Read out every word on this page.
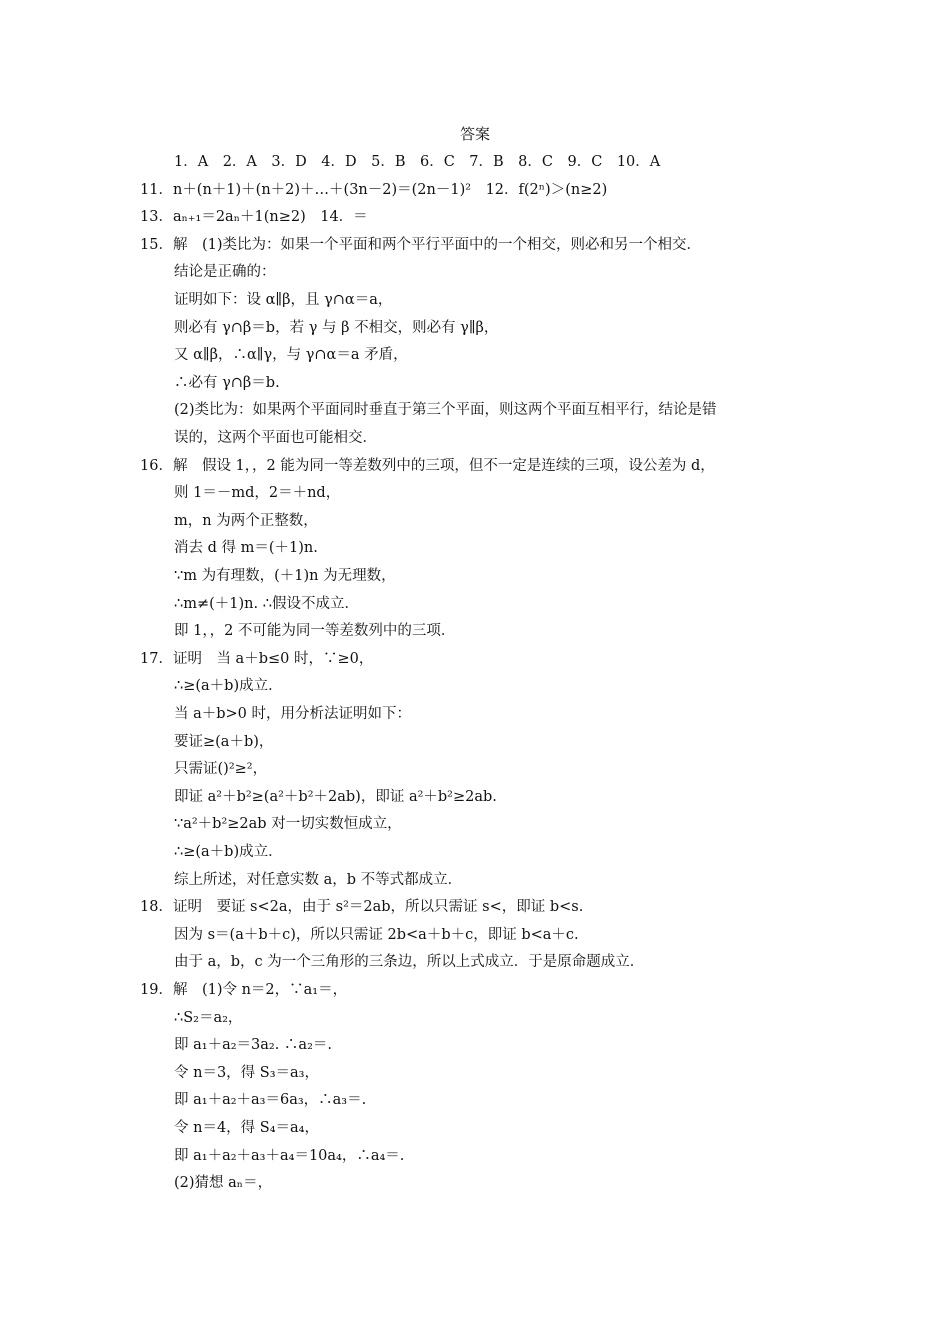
答案
1．A　2．A　3．D　4．D　5．B　6．C　7．B　8．C　9．C　10．A
11．n＋(n＋1)＋(n＋2)＋…＋(3n－2)＝(2n－1)²　12．f(2ⁿ)＞(n≥2)
13．aₙ₊₁＝2aₙ＋1(n≥2)　14．＝
15．解　(1)类比为：如果一个平面和两个平行平面中的一个相交，则必和另一个相交．
结论是正确的：
证明如下：设 α∥β，且 γ∩α＝a，
则必有 γ∩β＝b，若 γ 与 β 不相交，则必有 γ∥β，
又 α∥β，∴α∥γ，与 γ∩α＝a 矛盾，
∴必有 γ∩β＝b.
(2)类比为：如果两个平面同时垂直于第三个平面，则这两个平面互相平行，结论是错
误的，这两个平面也可能相交．
16．解　假设 1，，2 能为同一等差数列中的三项，但不一定是连续的三项，设公差为 d，
则 1＝－md，2＝＋nd，
m，n 为两个正整数，
消去 d 得 m＝(＋1)n.
∵m 为有理数，(＋1)n 为无理数，
∴m≠(＋1)n. ∴假设不成立．
即 1，，2 不可能为同一等差数列中的三项．
17．证明　当 a＋b≤0 时，∵≥0，
∴≥(a＋b)成立．
当 a＋b>0 时，用分析法证明如下：
要证≥(a＋b)，
只需证()²≥²，
即证 a²＋b²≥(a²＋b²＋2ab)，即证 a²＋b²≥2ab.
∵a²＋b²≥2ab 对一切实数恒成立，
∴≥(a＋b)成立．
综上所述，对任意实数 a，b 不等式都成立．
18．证明　要证 s<2a，由于 s²＝2ab，所以只需证 s<，即证 b<s.
因为 s＝(a＋b＋c)，所以只需证 2b<a＋b＋c，即证 b<a＋c.
由于 a，b，c 为一个三角形的三条边，所以上式成立．于是原命题成立．
19．解　(1)令 n＝2，∵a₁＝，
∴S₂＝a₂，
即 a₁＋a₂＝3a₂. ∴a₂＝.
令 n＝3，得 S₃＝a₃，
即 a₁＋a₂＋a₃＝6a₃，∴a₃＝.
令 n＝4，得 S₄＝a₄，
即 a₁＋a₂＋a₃＋a₄＝10a₄，∴a₄＝.
(2)猜想 aₙ＝，
